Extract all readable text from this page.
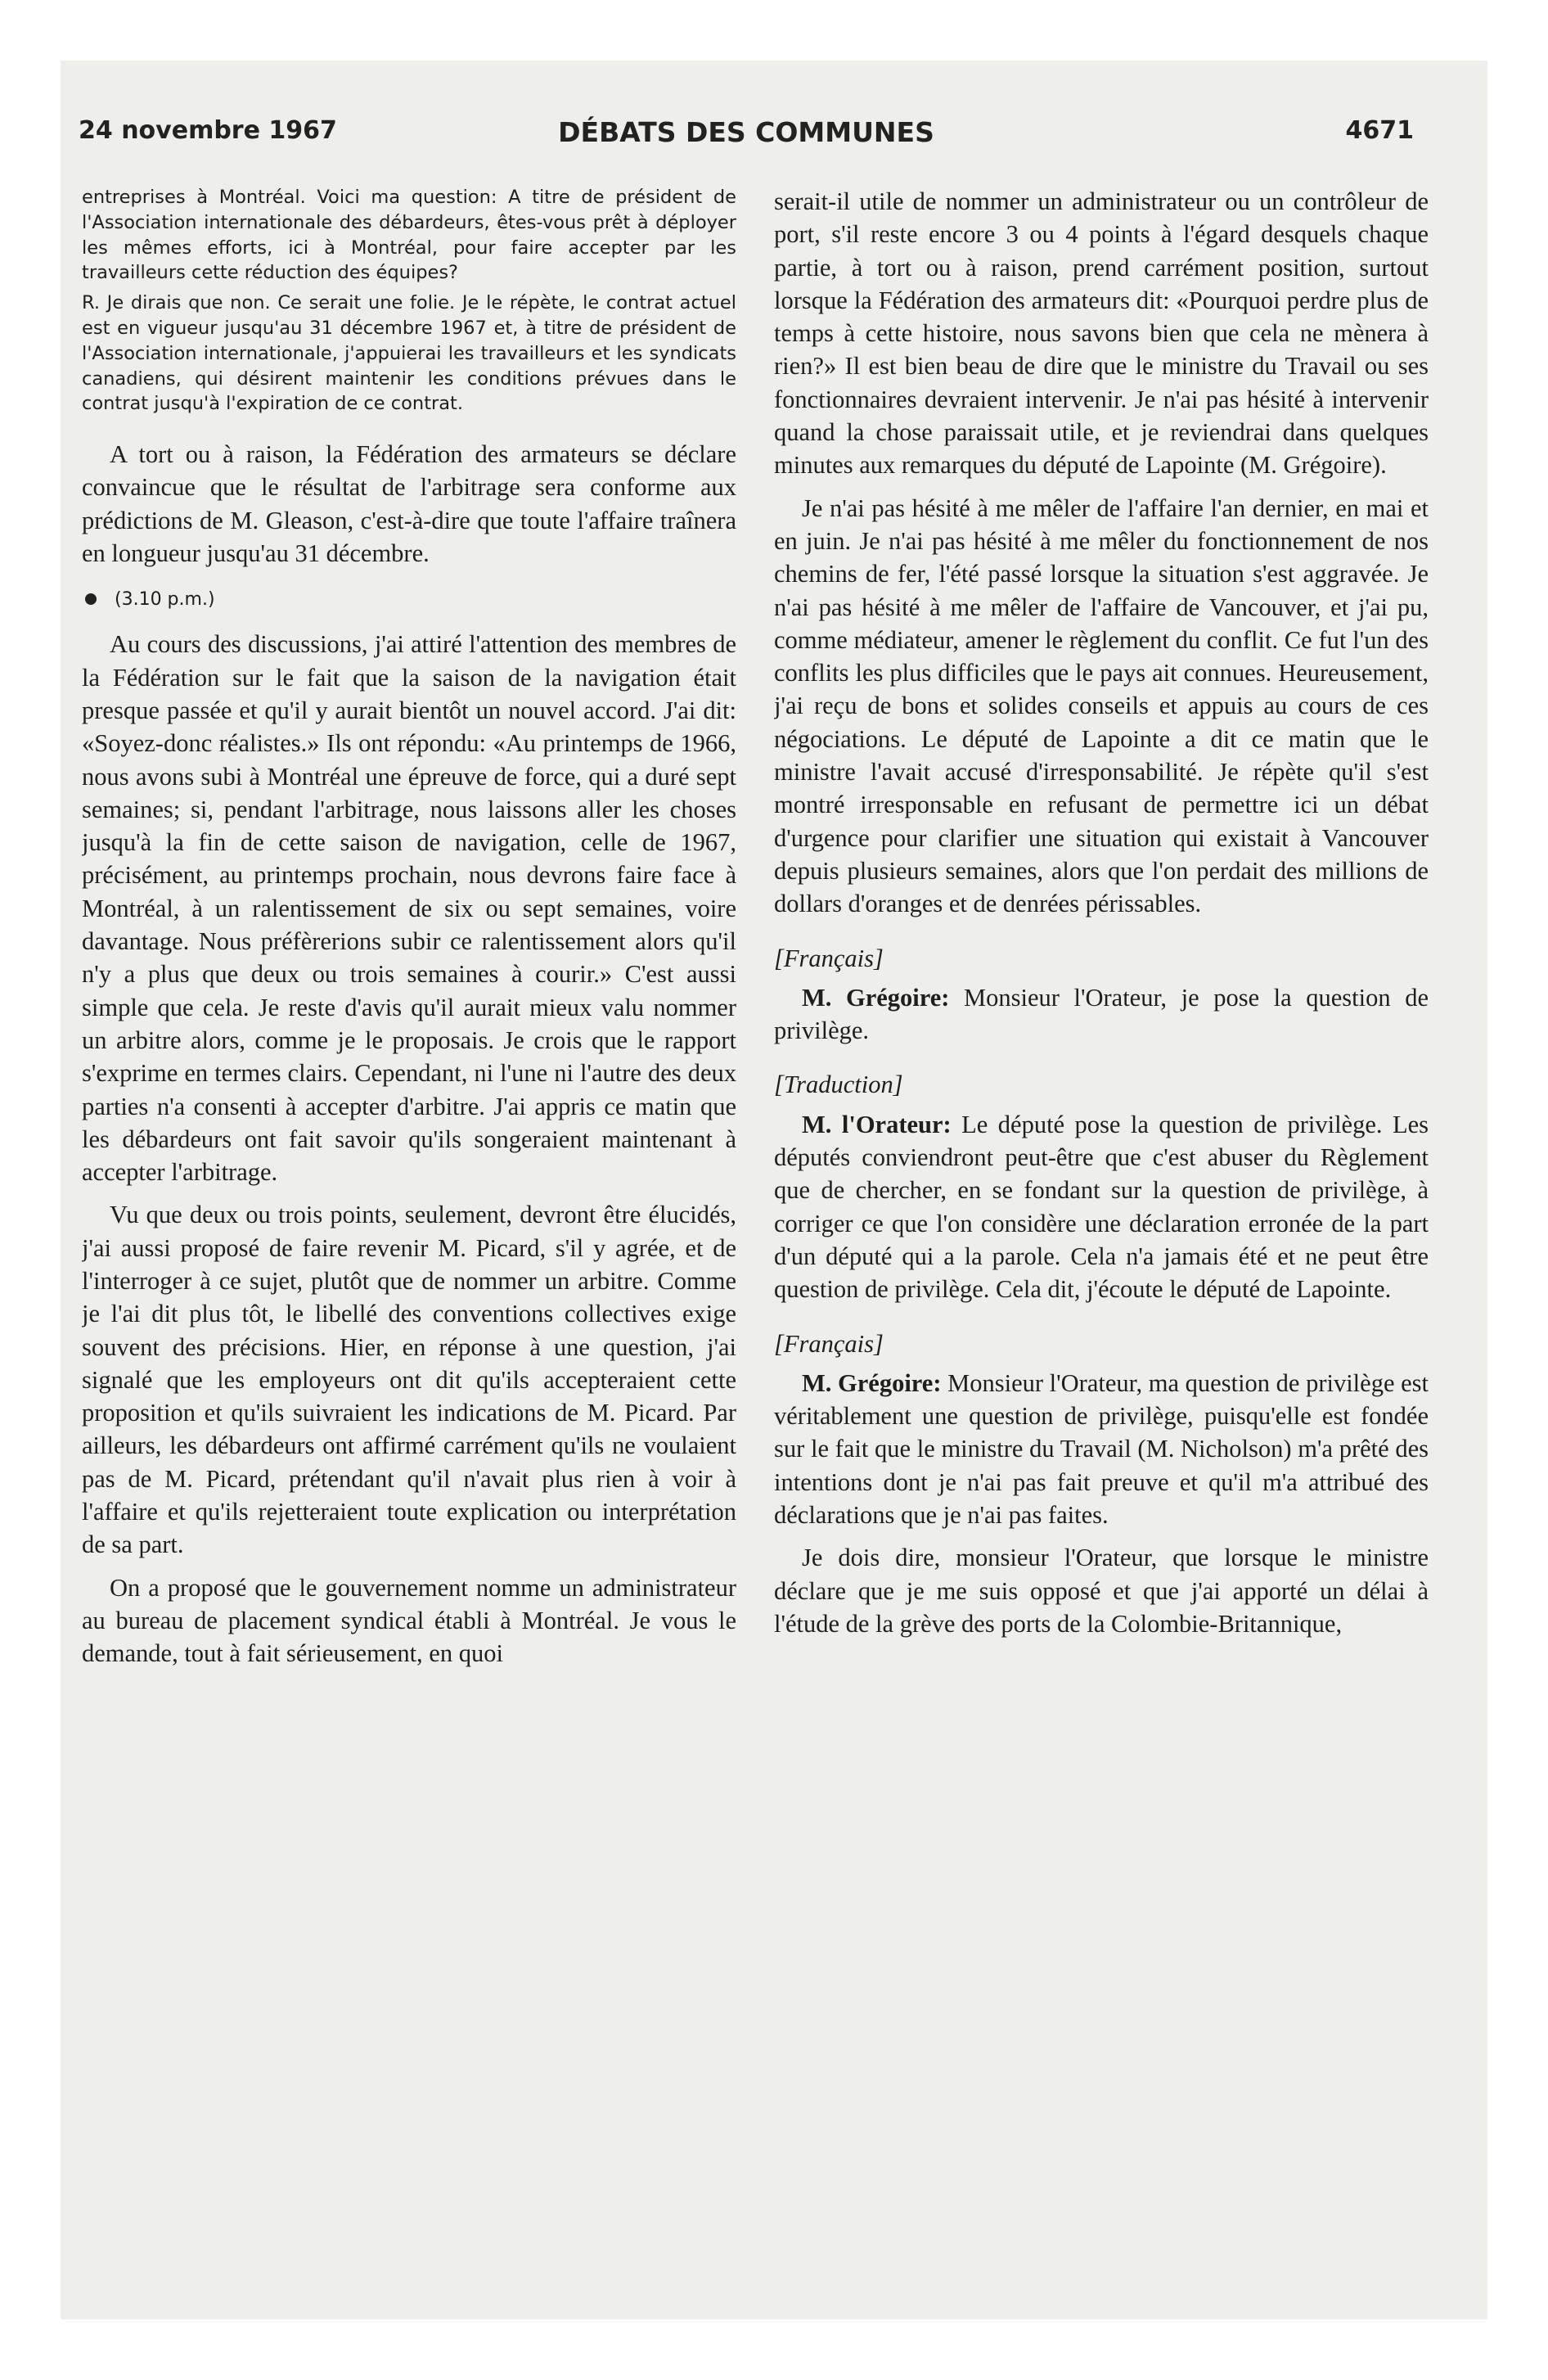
24 novembre 1967	DÉBATS DES COMMUNES	4671

entreprises à Montréal. Voici ma question: A titre de président de l'Association internationale des débardeurs, êtes-vous prêt à déployer les mêmes efforts, ici à Montréal, pour faire accepter par les travailleurs cette réduction des équipes?

R. Je dirais que non. Ce serait une folie. Je le répète, le contrat actuel est en vigueur jusqu'au 31 décembre 1967 et, à titre de président de l'Association internationale, j'appuierai les travailleurs et les syndicats canadiens, qui désirent maintenir les conditions prévues dans le contrat jusqu'à l'expiration de ce contrat.

A tort ou à raison, la Fédération des armateurs se déclare convaincue que le résultat de l'arbitrage sera conforme aux prédictions de M. Gleason, c'est-à-dire que toute l'affaire traînera en longueur jusqu'au 31 décembre.

(3.10 p.m.)

Au cours des discussions, j'ai attiré l'attention des membres de la Fédération sur le fait que la saison de la navigation était presque passée et qu'il y aurait bientôt un nouvel accord. J'ai dit: «Soyez-donc réalistes.» Ils ont répondu: «Au printemps de 1966, nous avons subi à Montréal une épreuve de force, qui a duré sept semaines; si, pendant l'arbitrage, nous laissons aller les choses jusqu'à la fin de cette saison de navigation, celle de 1967, précisément, au printemps prochain, nous devrons faire face à Montréal, à un ralentissement de six ou sept semaines, voire davantage. Nous préfèrerions subir ce ralentissement alors qu'il n'y a plus que deux ou trois semaines à courir.» C'est aussi simple que cela. Je reste d'avis qu'il aurait mieux valu nommer un arbitre alors, comme je le proposais. Je crois que le rapport s'exprime en termes clairs. Cependant, ni l'une ni l'autre des deux parties n'a consenti à accepter d'arbitre. J'ai appris ce matin que les débardeurs ont fait savoir qu'ils songeraient maintenant à accepter l'arbitrage.

Vu que deux ou trois points, seulement, devront être élucidés, j'ai aussi proposé de faire revenir M. Picard, s'il y agrée, et de l'interroger à ce sujet, plutôt que de nommer un arbitre. Comme je l'ai dit plus tôt, le libellé des conventions collectives exige souvent des précisions. Hier, en réponse à une question, j'ai signalé que les employeurs ont dit qu'ils accepteraient cette proposition et qu'ils suivraient les indications de M. Picard. Par ailleurs, les débardeurs ont affirmé carrément qu'ils ne voulaient pas de M. Picard, prétendant qu'il n'avait plus rien à voir à l'affaire et qu'ils rejetteraient toute explication ou interprétation de sa part.

On a proposé que le gouvernement nomme un administrateur au bureau de placement syndical établi à Montréal. Je vous le demande, tout à fait sérieusement, en quoi

serait-il utile de nommer un administrateur ou un contrôleur de port, s'il reste encore 3 ou 4 points à l'égard desquels chaque partie, à tort ou à raison, prend carrément position, surtout lorsque la Fédération des armateurs dit: «Pourquoi perdre plus de temps à cette histoire, nous savons bien que cela ne mènera à rien?» Il est bien beau de dire que le ministre du Travail ou ses fonctionnaires devraient intervenir. Je n'ai pas hésité à intervenir quand la chose paraissait utile, et je reviendrai dans quelques minutes aux remarques du député de Lapointe (M. Grégoire).

Je n'ai pas hésité à me mêler de l'affaire l'an dernier, en mai et en juin. Je n'ai pas hésité à me mêler du fonctionnement de nos chemins de fer, l'été passé lorsque la situation s'est aggravée. Je n'ai pas hésité à me mêler de l'affaire de Vancouver, et j'ai pu, comme médiateur, amener le règlement du conflit. Ce fut l'un des conflits les plus difficiles que le pays ait connues. Heureusement, j'ai reçu de bons et solides conseils et appuis au cours de ces négociations. Le député de Lapointe a dit ce matin que le ministre l'avait accusé d'irresponsabilité. Je répète qu'il s'est montré irresponsable en refusant de permettre ici un débat d'urgence pour clarifier une situation qui existait à Vancouver depuis plusieurs semaines, alors que l'on perdait des millions de dollars d'oranges et de denrées périssables.

[Français]

M. Grégoire: Monsieur l'Orateur, je pose la question de privilège.

[Traduction]

M. l'Orateur: Le député pose la question de privilège. Les députés conviendront peut-être que c'est abuser du Règlement que de chercher, en se fondant sur la question de privilège, à corriger ce que l'on considère une déclaration erronée de la part d'un député qui a la parole. Cela n'a jamais été et ne peut être question de privilège. Cela dit, j'écoute le député de Lapointe.

[Français]

M. Grégoire: Monsieur l'Orateur, ma question de privilège est véritablement une question de privilège, puisqu'elle est fondée sur le fait que le ministre du Travail (M. Nicholson) m'a prêté des intentions dont je n'ai pas fait preuve et qu'il m'a attribué des déclarations que je n'ai pas faites.

Je dois dire, monsieur l'Orateur, que lorsque le ministre déclare que je me suis opposé et que j'ai apporté un délai à l'étude de la grève des ports de la Colombie-Britannique,
